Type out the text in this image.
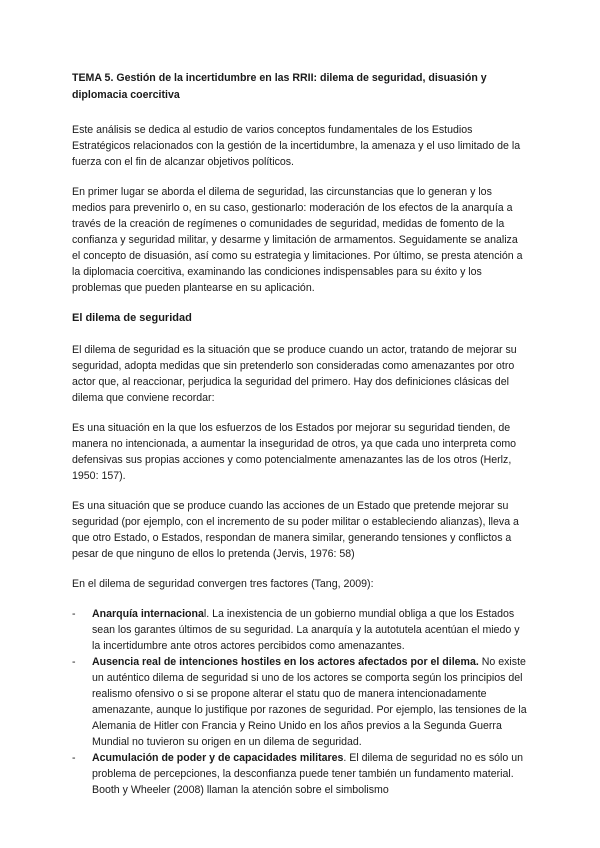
TEMA 5. Gestión de la incertidumbre en las RRII: dilema de seguridad, disuasión y diplomacia coercitiva

Este análisis se dedica al estudio de varios conceptos fundamentales de los Estudios Estratégicos relacionados con la gestión de la incertidumbre, la amenaza y el uso limitado de la fuerza con el fin de alcanzar objetivos políticos.

En primer lugar se aborda el dilema de seguridad, las circunstancias que lo generan y los medios para prevenirlo o, en su caso, gestionarlo: moderación de los efectos de la anarquía a través de la creación de regímenes o comunidades de seguridad, medidas de fomento de la confianza y seguridad militar, y desarme y limitación de armamentos. Seguidamente se analiza el concepto de disuasión, así como su estrategia y limitaciones. Por último, se presta atención a la diplomacia coercitiva, examinando las condiciones indispensables para su éxito y los problemas que pueden plantearse en su aplicación.

El dilema de seguridad

El dilema de seguridad es la situación que se produce cuando un actor, tratando de mejorar su seguridad, adopta medidas que sin pretenderlo son consideradas como amenazantes por otro actor que, al reaccionar, perjudica la seguridad del primero. Hay dos definiciones clásicas del dilema que conviene recordar:

Es una situación en la que los esfuerzos de los Estados por mejorar su seguridad tienden, de manera no intencionada, a aumentar la inseguridad de otros, ya que cada uno interpreta como defensivas sus propias acciones y como potencialmente amenazantes las de los otros (Herlz, 1950: 157).

Es una situación que se produce cuando las acciones de un Estado que pretende mejorar su seguridad (por ejemplo, con el incremento de su poder militar o estableciendo alianzas), lleva a que otro Estado, o Estados, respondan de manera similar, generando tensiones y conflictos a pesar de que ninguno de ellos lo pretenda (Jervis, 1976: 58)

En el dilema de seguridad convergen tres factores (Tang, 2009):

- Anarquía internacional. La inexistencia de un gobierno mundial obliga a que los Estados sean los garantes últimos de su seguridad. La anarquía y la autotutela acentúan el miedo y la incertidumbre ante otros actores percibidos como amenazantes.
- Ausencia real de intenciones hostiles en los actores afectados por el dilema. No existe un auténtico dilema de seguridad si uno de los actores se comporta según los principios del realismo ofensivo o si se propone alterar el statu quo de manera intencionadamente amenazante, aunque lo justifique por razones de seguridad. Por ejemplo, las tensiones de la Alemania de Hitler con Francia y Reino Unido en los años previos a la Segunda Guerra Mundial no tuvieron su origen en un dilema de seguridad.
- Acumulación de poder y de capacidades militares. El dilema de seguridad no es sólo un problema de percepciones, la desconfianza puede tener también un fundamento material. Booth y Wheeler (2008) llaman la atención sobre el simbolismo
